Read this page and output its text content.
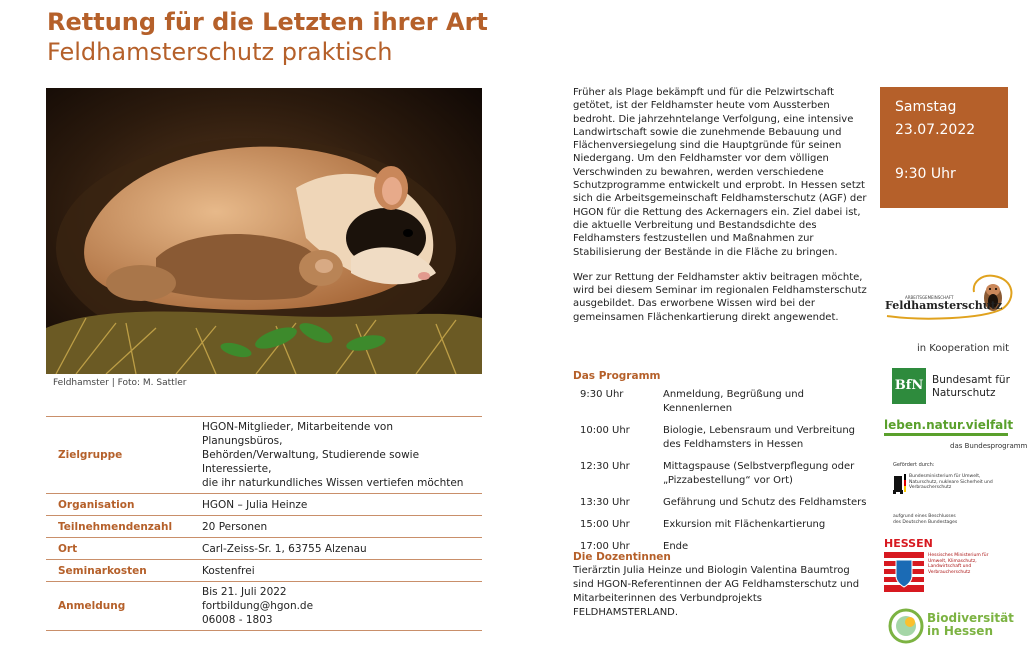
Rettung für die Letzten ihrer Art
Feldhamsterschutz praktisch
Feldhamster | Foto: M. Sattler
Zielgruppe	HGON-Mitglieder, Mitarbeitende von Planungsbüros,
Behörden/Verwaltung, Studierende sowie Interessierte,
die ihr naturkundliches Wissen vertiefen möchten

Organisation	HGON – Julia Heinze

Teilnehmendenzahl	20 Personen

Ort	Carl-Zeiss-Sr. 1, 63755 Alzenau

Seminarkosten	Kostenfrei

Anmeldung	Bis 21. Juli 2022
fortbildung@hgon.de
06008 - 1803

Früher als Plage bekämpft und für die Pelzwirtschaft getötet, ist der Feldhamster heute vom Aussterben bedroht. Die jahrzehntelange Verfolgung, eine intensive Landwirtschaft sowie die zunehmende Bebauung und Flächenversiegelung sind die Hauptgründe für seinen Niedergang. Um den Feldhamster vor dem völligen Verschwinden zu bewahren, werden verschiedene Schutzprogramme entwickelt und erprobt. In Hessen setzt sich die Arbeitsgemeinschaft Feldhamsterschutz (AGF) der HGON für die Rettung des Ackernagers ein. Ziel dabei ist, die aktuelle Verbreitung und Bestandsdichte des Feldhamsters festzustellen und Maßnahmen zur Stabilisierung der Bestände in die Fläche zu bringen.

Wer zur Rettung der Feldhamster aktiv beitragen möchte, wird bei diesem Seminar im regionalen Feldhamsterschutz ausgebildet. Das erworbene Wissen wird bei der gemeinsamen Flächenkartierung direkt angewendet.

Das Programm
9:30 Uhr	Anmeldung, Begrüßung und Kennenlernen
10:00 Uhr	Biologie, Lebensraum und Verbreitung des Feldhamsters in Hessen
12:30 Uhr	Mittagspause (Selbstverpflegung oder „Pizzabestellung“ vor Ort)
13:30 Uhr	Gefährung und Schutz des Feldhamsters
15:00 Uhr	Exkursion mit Flächenkartierung
17:00 Uhr	Ende
Die Dozentinnen
Tierärztin Julia Heinze und Biologin Valentina Baumtrog sind HGON-Referentinnen der AG Feldhamsterschutz und Mitarbeiterinnen des Verbundprojekts FELDHAMSTERLAND.
Samstag
23.07.2022
9:30 Uhr
ARBEITSGEMEINSCHAFT
Feldhamsterschutz
in Kooperation mit
BfN Bundesamt für
Naturschutz
leben.natur.vielfalt
das Bundesprogramm
Gefördert durch:
Bundesministerium für Umwelt, Naturschutz, nukleare Sicherheit und Verbraucherschutz
aufgrund eines Beschlusses des Deutschen Bundestages
HESSEN
Hessisches Ministerium für Umwelt, Klimaschutz, Landwirtschaft und Verbraucherschutz
Biodiversität
in Hessen
